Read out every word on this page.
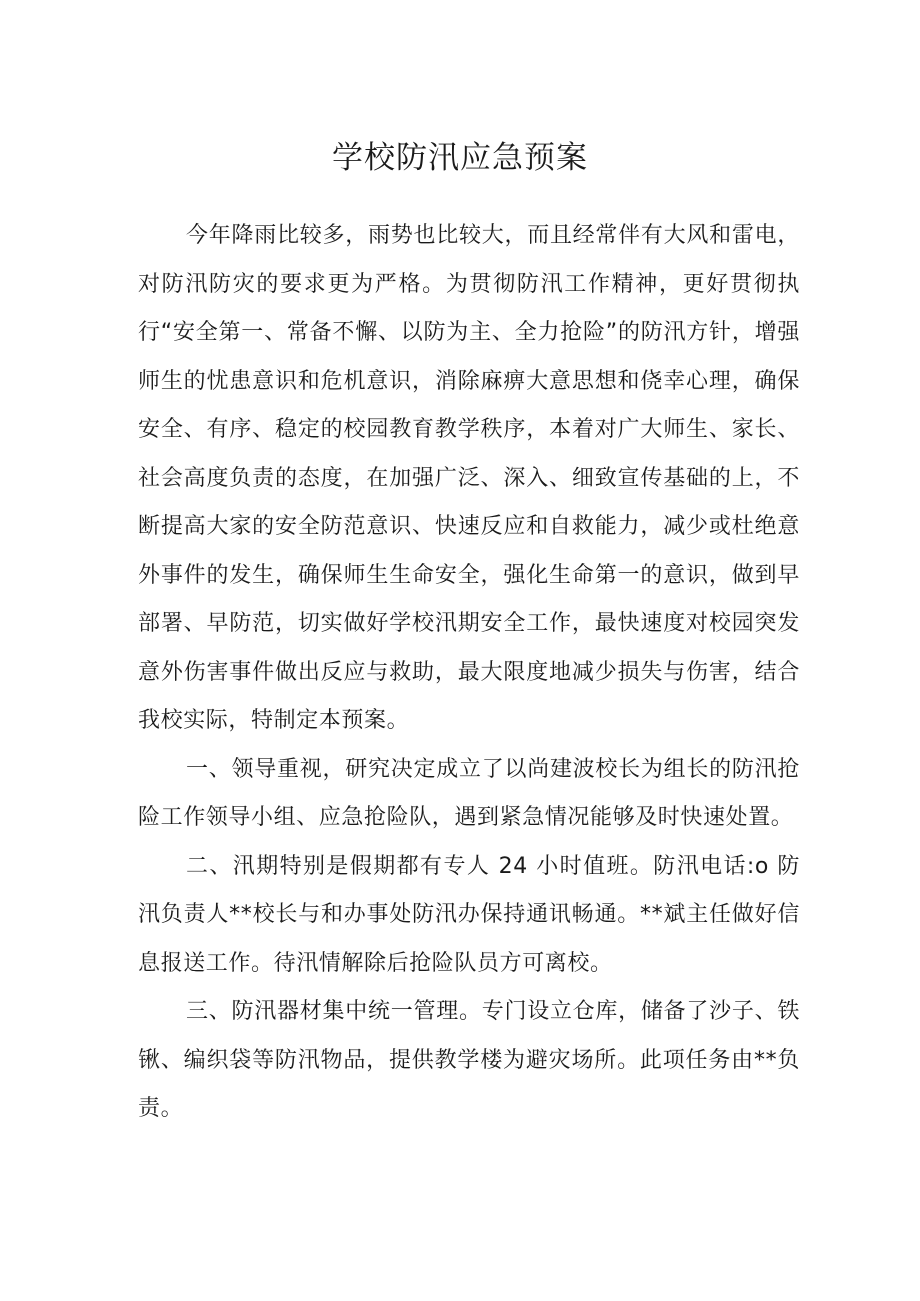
学校防汛应急预案

今年降雨比较多，雨势也比较大，而且经常伴有大风和雷电，对防汛防灾的要求更为严格。为贯彻防汛工作精神，更好贯彻执行“安全第一、常备不懈、以防为主、全力抢险”的防汛方针，增强师生的忧患意识和危机意识，消除麻痹大意思想和侥幸心理，确保安全、有序、稳定的校园教育教学秩序，本着对广大师生、家长、社会高度负责的态度，在加强广泛、深入、细致宣传基础的上，不断提高大家的安全防范意识、快速反应和自救能力，减少或杜绝意外事件的发生，确保师生生命安全，强化生命第一的意识，做到早部署、早防范，切实做好学校汛期安全工作，最快速度对校园突发意外伤害事件做出反应与救助，最大限度地减少损失与伤害，结合我校实际，特制定本预案。

一、领导重视，研究决定成立了以尚建波校长为组长的防汛抢险工作领导小组、应急抢险队，遇到紧急情况能够及时快速处置。

二、汛期特别是假期都有专人 24 小时值班。防汛电话:o 防汛负责人**校长与和办事处防汛办保持通讯畅通。**斌主任做好信息报送工作。待汛情解除后抢险队员方可离校。

三、防汛器材集中统一管理。专门设立仓库，储备了沙子、铁锹、编织袋等防汛物品，提供教学楼为避灾场所。此项任务由**负责。
